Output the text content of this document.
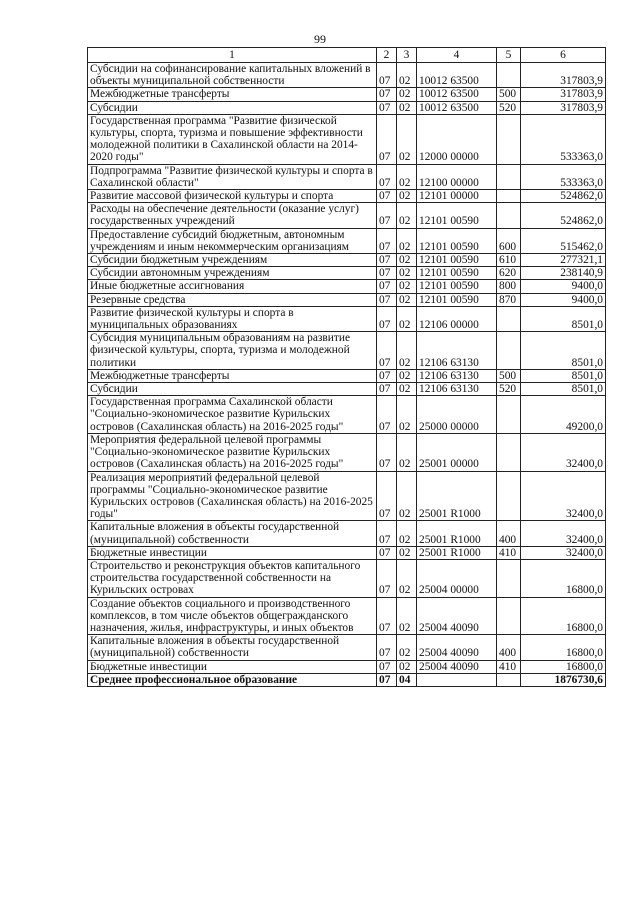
99
1	2	3	4	5	6
Субсидии на софинансирование капитальных вложений в объекты муниципальной собственности	07	02	10012 63500		317803,9
Межбюджетные трансферты	07	02	10012 63500	500	317803,9
Субсидии	07	02	10012 63500	520	317803,9
Государственная программа "Развитие физической культуры, спорта, туризма и повышение эффективности молодежной политики в Сахалинской области на 2014-2020 годы"	07	02	12000 00000		533363,0
Подпрограмма "Развитие физической культуры и спорта в Сахалинской области"	07	02	12100 00000		533363,0
Развитие массовой физической культуры и спорта	07	02	12101 00000		524862,0
Расходы на обеспечение деятельности (оказание услуг) государственных учреждений	07	02	12101 00590		524862,0
Предоставление субсидий бюджетным, автономным учреждениям и иным некоммерческим организациям	07	02	12101 00590	600	515462,0
Субсидии бюджетным учреждениям	07	02	12101 00590	610	277321,1
Субсидии автономным учреждениям	07	02	12101 00590	620	238140,9
Иные бюджетные ассигнования	07	02	12101 00590	800	9400,0
Резервные средства	07	02	12101 00590	870	9400,0
Развитие физической культуры и спорта в муниципальных образованиях	07	02	12106 00000		8501,0
Субсидия муниципальным образованиям на развитие физической культуры, спорта, туризма и молодежной политики	07	02	12106 63130		8501,0
Межбюджетные трансферты	07	02	12106 63130	500	8501,0
Субсидии	07	02	12106 63130	520	8501,0
Государственная программа Сахалинской области "Социально-экономическое развитие Курильских островов (Сахалинская область) на 2016-2025 годы"	07	02	25000 00000		49200,0
Мероприятия федеральной целевой программы "Социально-экономическое развитие Курильских островов (Сахалинская область) на 2016-2025 годы"	07	02	25001 00000		32400,0
Реализация мероприятий федеральной целевой программы "Социально-экономическое развитие Курильских островов (Сахалинская область) на 2016-2025 годы"	07	02	25001 R1000		32400,0
Капитальные вложения в объекты государственной (муниципальной) собственности	07	02	25001 R1000	400	32400,0
Бюджетные инвестиции	07	02	25001 R1000	410	32400,0
Строительство и реконструкция объектов капитального строительства государственной собственности на Курильских островах	07	02	25004 00000		16800,0
Создание объектов социального и производственного комплексов, в том числе объектов общегражданского назначения, жилья, инфраструктуры, и иных объектов	07	02	25004 40090		16800,0
Капитальные вложения в объекты государственной (муниципальной) собственности	07	02	25004 40090	400	16800,0
Бюджетные инвестиции	07	02	25004 40090	410	16800,0
Среднее профессиональное образование	07	04			1876730,6
